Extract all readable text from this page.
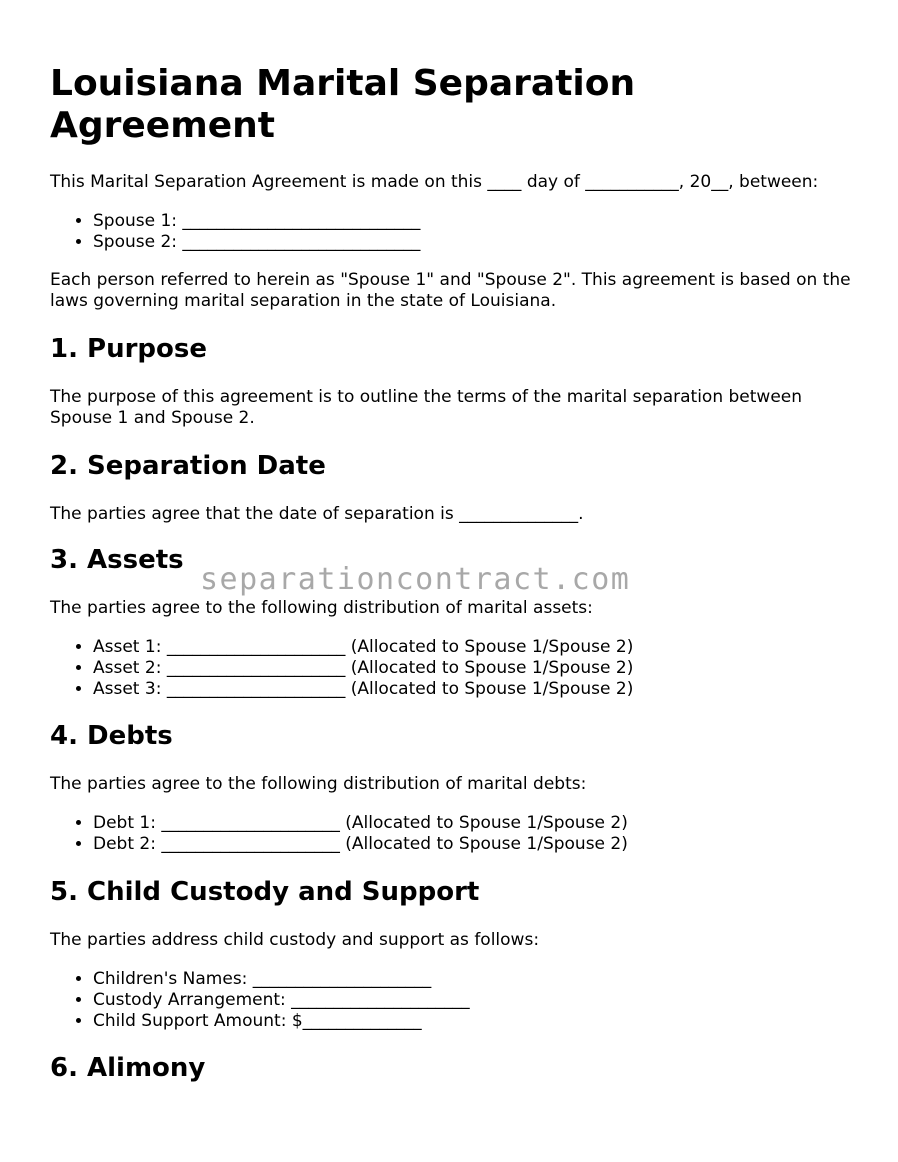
Louisiana Marital Separation Agreement

This Marital Separation Agreement is made on this ____ day of ___________, 20__, between:

• Spouse 1: ____________________________
• Spouse 2: ____________________________

Each person referred to herein as "Spouse 1" and "Spouse 2". This agreement is based on the laws governing marital separation in the state of Louisiana.

1. Purpose

The purpose of this agreement is to outline the terms of the marital separation between Spouse 1 and Spouse 2.

2. Separation Date

The parties agree that the date of separation is ______________.

3. Assets

The parties agree to the following distribution of marital assets:

• Asset 1: _____________________ (Allocated to Spouse 1/Spouse 2)
• Asset 2: _____________________ (Allocated to Spouse 1/Spouse 2)
• Asset 3: _____________________ (Allocated to Spouse 1/Spouse 2)
4. Debts

The parties agree to the following distribution of marital debts:

• Debt 1: _____________________ (Allocated to Spouse 1/Spouse 2)
• Debt 2: _____________________ (Allocated to Spouse 1/Spouse 2)
5. Child Custody and Support

The parties address child custody and support as follows:

• Children's Names: _____________________
• Custody Arrangement: _____________________
• Child Support Amount: $______________
6. Alimony
separationcontract.com
